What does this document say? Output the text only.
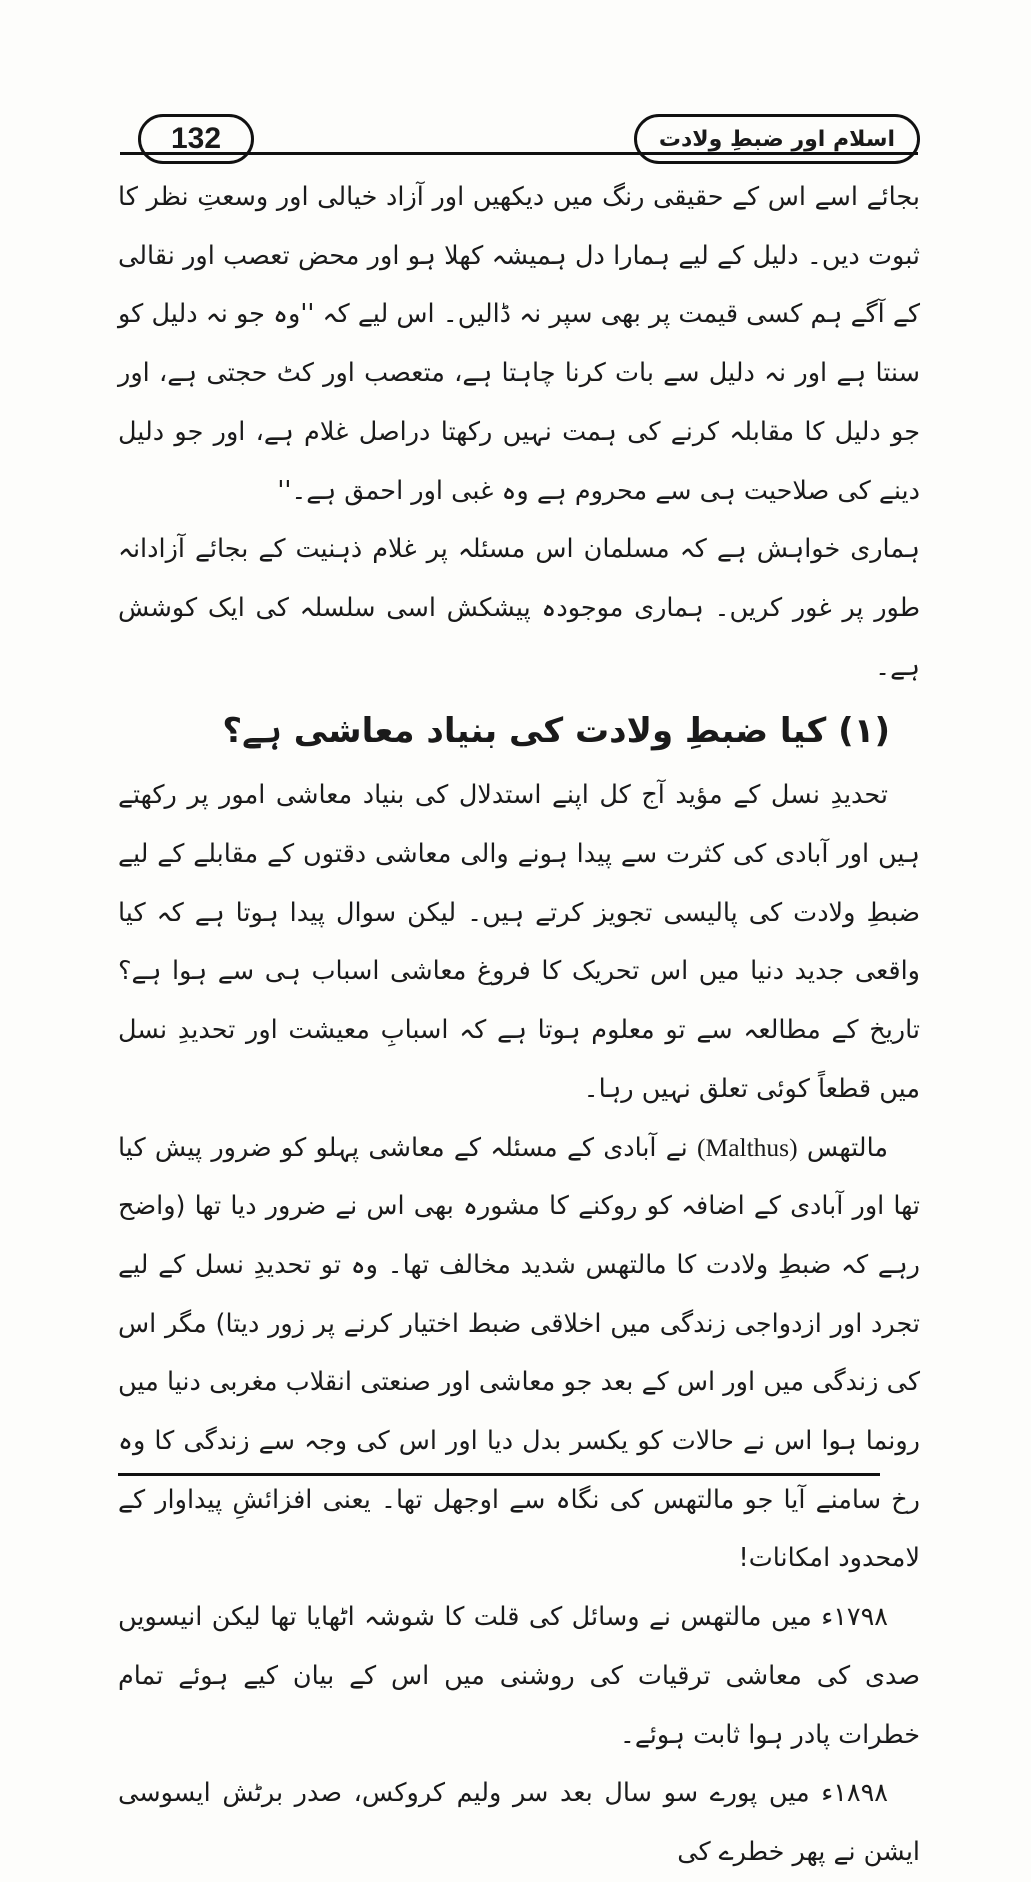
132	اسلام اور ضبطِ ولادت

بجائے اسے اس کے حقیقی رنگ میں دیکھیں اور آزاد خیالی اور وسعتِ نظر کا ثبوت دیں۔ دلیل کے لیے ہمارا دل ہمیشہ کھلا ہو اور محض تعصب اور نقالی کے آگے ہم کسی قیمت پر بھی سپر نہ ڈالیں۔ اس لیے کہ ''وہ جو نہ دلیل کو سنتا ہے اور نہ دلیل سے بات کرنا چاہتا ہے، متعصب اور کٹ حجتی ہے، اور جو دلیل کا مقابلہ کرنے کی ہمت نہیں رکھتا دراصل غلام ہے، اور جو دلیل دینے کی صلاحیت ہی سے محروم ہے وہ غبی اور احمق ہے۔''

ہماری خواہش ہے کہ مسلمان اس مسئلہ پر غلام ذہنیت کے بجائے آزادانہ طور پر غور کریں۔ ہماری موجودہ پیشکش اسی سلسلہ کی ایک کوشش ہے۔

(۱) کیا ضبطِ ولادت کی بنیاد معاشی ہے؟

تحدیدِ نسل کے مؤید آج کل اپنے استدلال کی بنیاد معاشی امور پر رکھتے ہیں اور آبادی کی کثرت سے پیدا ہونے والی معاشی دقتوں کے مقابلے کے لیے ضبطِ ولادت کی پالیسی تجویز کرتے ہیں۔ لیکن سوال پیدا ہوتا ہے کہ کیا واقعی جدید دنیا میں اس تحریک کا فروغ معاشی اسباب ہی سے ہوا ہے؟ تاریخ کے مطالعہ سے تو معلوم ہوتا ہے کہ اسبابِ معیشت اور تحدیدِ نسل میں قطعاً کوئی تعلق نہیں رہا۔

مالتھس (Malthus) نے آبادی کے مسئلہ کے معاشی پہلو کو ضرور پیش کیا تھا اور آبادی کے اضافہ کو روکنے کا مشورہ بھی اس نے ضرور دیا تھا (واضح رہے کہ ضبطِ ولادت کا مالتھس شدید مخالف تھا۔ وہ تو تحدیدِ نسل کے لیے تجرد اور ازدواجی زندگی میں اخلاقی ضبط اختیار کرنے پر زور دیتا) مگر اس کی زندگی میں اور اس کے بعد جو معاشی اور صنعتی انقلاب مغربی دنیا میں رونما ہوا اس نے حالات کو یکسر بدل دیا اور اس کی وجہ سے زندگی کا وہ رخ سامنے آیا جو مالتھس کی نگاہ سے اوجھل تھا۔ یعنی افزائشِ پیداوار کے لامحدود امکانات!

۱۷۹۸ء میں مالتھس نے وسائل کی قلت کا شوشہ اٹھایا تھا لیکن انیسویں صدی کی معاشی ترقیات کی روشنی میں اس کے بیان کیے ہوئے تمام خطرات پادر ہوا ثابت ہوئے۔

۱۸۹۸ء میں پورے سو سال بعد سر ولیم کروکس، صدر برٹش ایسوسی ایشن نے پھر خطرے کی
